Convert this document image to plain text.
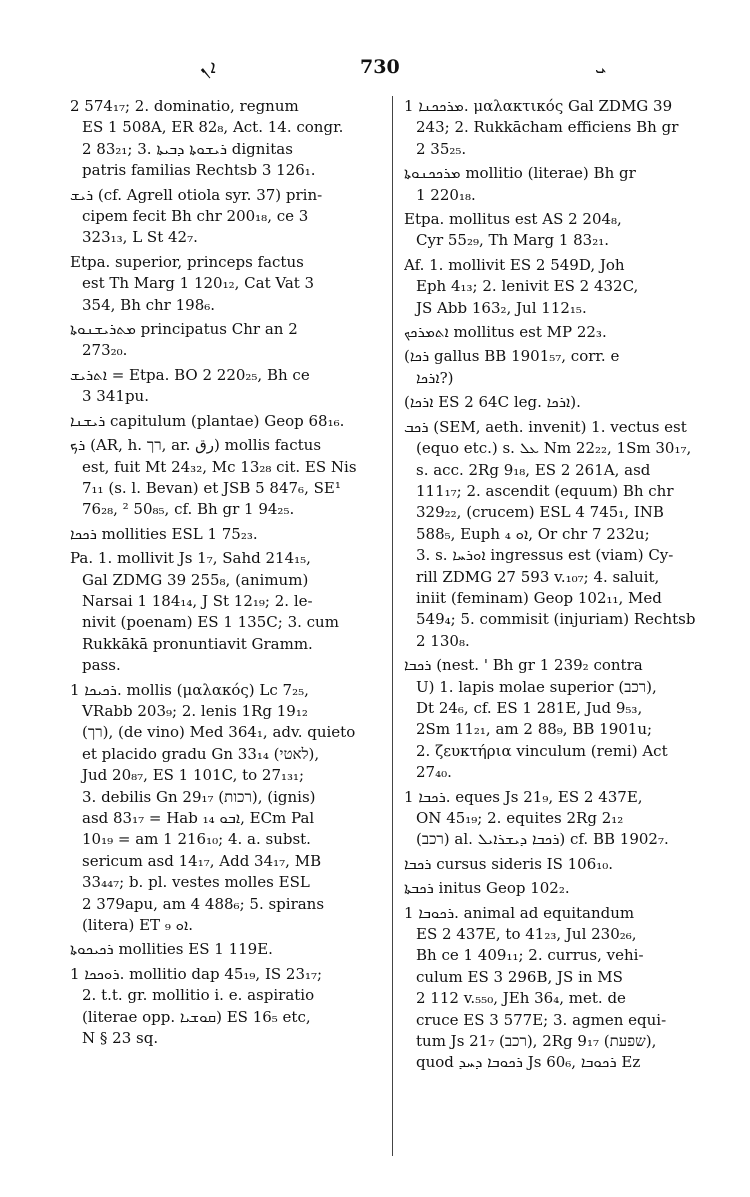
ܐܢ	730	ܝ
2 574₁₇; 2. dominatio, regnum
ES 1 508A, ER 82₈, Act. 14. congr.
2 83₂₁; 3. ܪܝܫܘܬܐ ܕܒܝܬܐ dignitas
patris familias Rechtsb 3 126₁.
ܪܝܫ (cf. Agrell otiola syr. 37) prin-
cipem fecit Bh chr 200₁₈, ce 3
323₁₃, L St 42₇.
Etpa. superior, princeps factus
est Th Marg 1 120₁₂, Cat Vat 3
354, Bh chr 198₆.
ܡܬܪܝܫܢܘܬܐ principatus Chr an 2
273₂₀.
ܐܬܪܝܫ = Etpa. BO 2 220₂₅, Bh ce
3 341pu.
ܪܝܫܢܐ capitulum (plantae) Geop 68₁₆.
ܪܟ (AR, h. רך, ar. رق) mollis factus
est, fuit Mt 24₃₂, Mc 13₂₈ cit. ES Nis
7₁₁ (s. l. Bevan) et JSB 5 847₆, SE¹
76₂₈, ² 50₈₅, cf. Bh gr 1 94₂₅.
ܪܟܟܐ mollities ESL 1 75₂₃.
Pa. 1. mollivit Js 1₇, Sahd 214₁₅,
Gal ZDMG 39 255₈, (animum)
Narsai 1 184₁₄, J St 12₁₉; 2. le-
nivit (poenam) ES 1 135C; 3. cum
Rukkākā pronuntiavit Gramm.
pass.
ܪܟܝܟܐ 1. mollis (μαλακός) Lc 7₂₅,
VRabb 203₉; 2. lenis 1Rg 19₁₂
(רך), (de vino) Med 364₁, adv. quieto
et placido gradu Gn 33₁₄ (לאטי),
Jud 20₈₇, ES 1 101C, to 27₁₃₁;
3. debilis Gn 29₁₇ (רכות), (ignis)
asd 83₁₇ = Hab ܐܒܘ ₁₄, ECm Pal
10₁₉ = am 1 216₁₀; 4. a. subst.
sericum asd 14₁₇, Add 34₁₇, MB
33₄₄₇; b. pl. vestes molles ESL
2 379apu, am 4 488₆; 5. spirans
(litera) ET ܐܘ ₉.
ܪܟܝܟܘܬܐ mollities ES 1 119E.
ܪܘܟܟܐ 1. mollitio dap 45₁₉, IS 23₁₇;
2. t.t. gr. mollitio i. e. aspiratio
(literae opp. ܩܘܫܝܐ) ES 16₅ etc,
N § 23 sq.
ܡܪܟܟܢܐ 1. μαλακτικός Gal ZDMG 39
243; 2. Rukkācham efficiens Bh gr
2 35₂₅.
ܡܪܟܟܢܘܬܐ mollitio (literae) Bh gr
1 220₁₈.
Etpa. mollitus est AS 2 204₈,
Cyr 55₂₉, Th Marg 1 83₂₁.
Af. 1. mollivit ES 2 549D, Joh
Eph 4₁₃; 2. lenivit ES 2 432C,
JS Abb 163₂, Jul 112₁₅.
ܐܬܡܪܟܟ mollitus est MP 22₃.
(ܪܟܐ gallus BB 1901₅₇, corr. e
ܐܪܟܐ?)
(ܐܪܟܐ ES 2 64C leg. ܐܪܟܐ).
ܪܟܒ (SEM, aeth. invenit) 1. vectus est
(equo etc.) s. ܥܠ Nm 22₂₂, 1Sm 30₁₇,
s. acc. 2Rg 9₁₈, ES 2 261A, asd
111₁₇; 2. ascendit (equum) Bh chr
329₂₂, (crucem) ESL 4 745₁, INB
588₅, Euph ܐܘ ₄, Or chr 7 232u;
3. s. ܐܘܪܚܐ ingressus est (viam) Cy-
rill ZDMG 27 593 v.₁₀₇; 4. saluit,
iniit (feminam) Geop 102₁₁, Med
549₄; 5. commisit (injuriam) Rechtsb
2 130₈.
ܪܟܒܐ (nest. ' Bh gr 1 239₂ contra
U) 1. lapis molae superior (רכב),
Dt 24₆, cf. ES 1 281E, Jud 9₅₃,
2Sm 11₂₁, am 2 88₉, BB 1901u;
2. ζευκτήρια vinculum (remi) Act
27₄₀.
ܪܟܒܐ 1. eques Js 21₉, ES 2 437E,
ON 45₁₉; 2. equites 2Rg 2₁₂
(רכב) al. ܪܟܒܐ ܕܝܫܪܐܝܠ) cf. BB 1902₇.
ܪܟܒܐ cursus sideris IS 106₁₀.
ܪܟܒܬܐ initus Geop 102₂.
ܪܟܘܒܐ 1. animal ad equitandum
ES 2 437E, to 41₂₃, Jul 230₂₆,
Bh ce 1 409₁₁; 2. currus, vehi-
culum ES 3 296B, JS in MS
2 112 v.₅₅₀, JEh 36₄, met. de
cruce ES 3 577E; 3. agmen equi-
tum Js 21₇ (רכב), 2Rg 9₁₇ (שפעת),
quod ܪܟܘܒܐ ܕܚܕ Js 60₆, ܪܟܘܒܐ Ez
